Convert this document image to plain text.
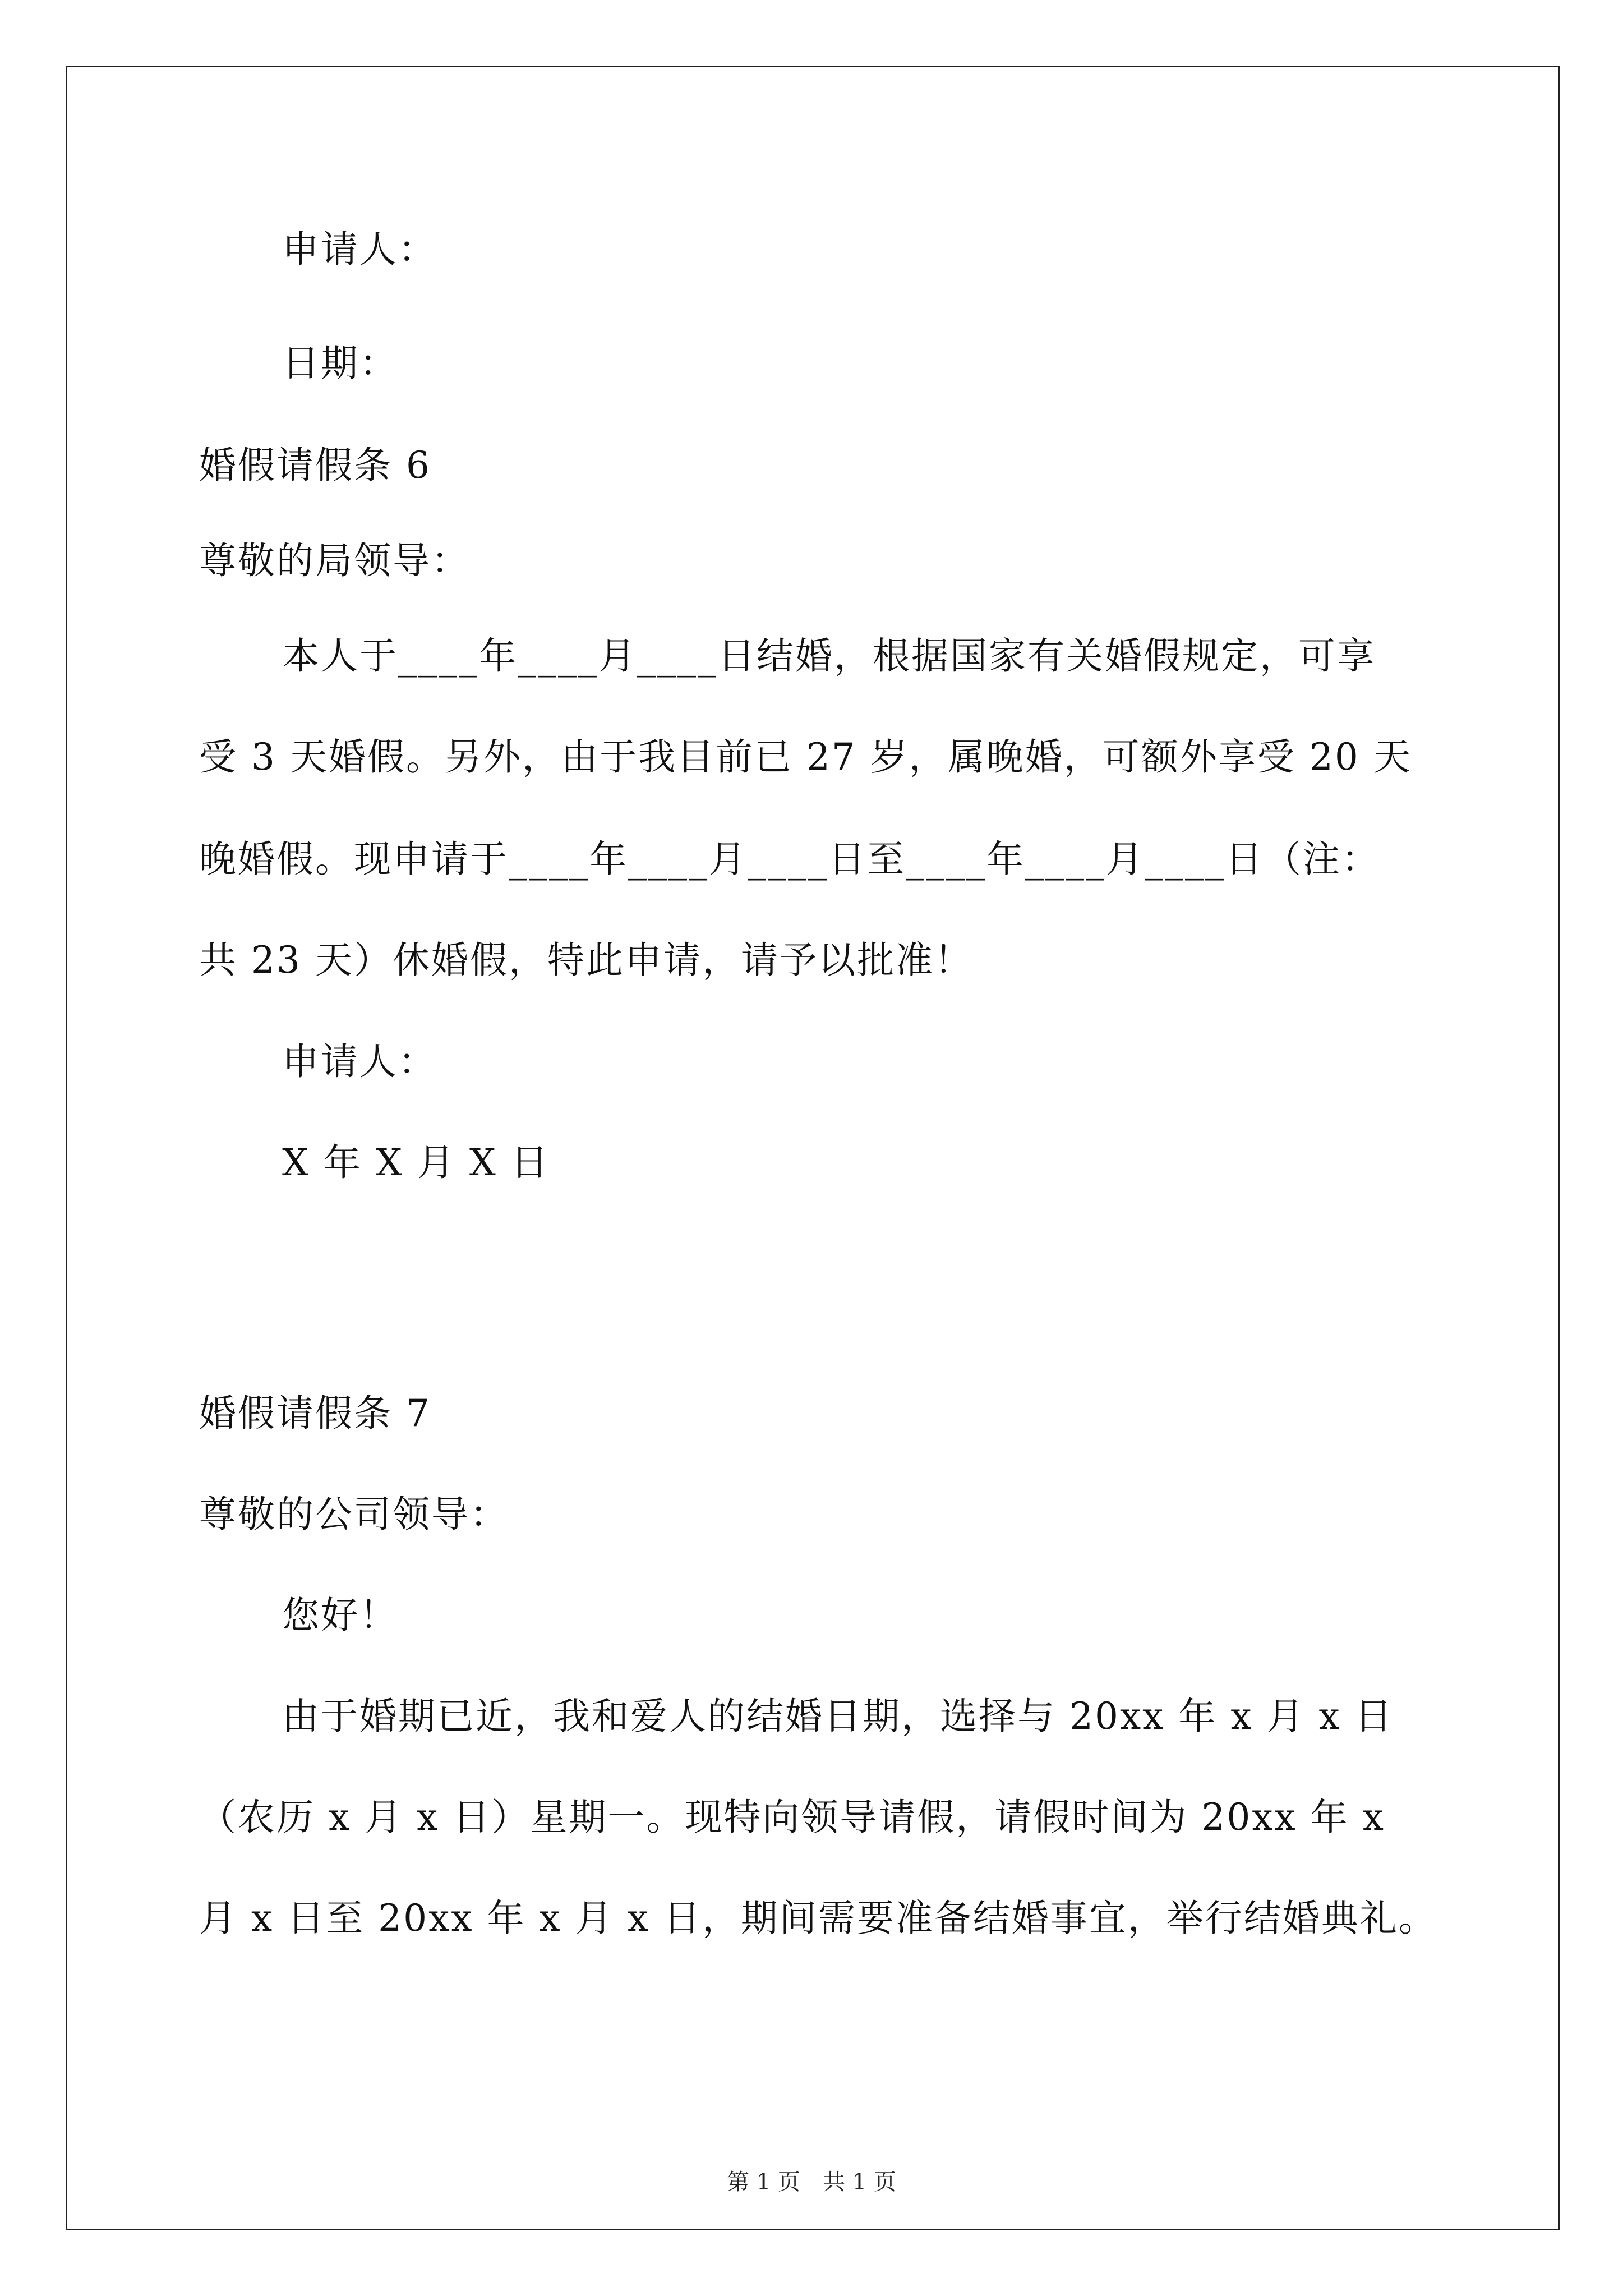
申请人：
日期：
婚假请假条 6
尊敬的局领导：
本人于____年____月____日结婚，根据国家有关婚假规定，可享
受 3 天婚假。另外，由于我目前已 27 岁，属晚婚，可额外享受 20 天
晚婚假。现申请于____年____月____日至____年____月____日（注：
共 23 天）休婚假，特此申请，请予以批准！
申请人：
X 年 X 月 X 日
婚假请假条 7
尊敬的公司领导：
您好！
由于婚期已近，我和爱人的结婚日期，选择与 20xx 年 x 月 x 日
（农历 x 月 x 日）星期一。现特向领导请假，请假时间为 20xx 年 x
月 x 日至 20xx 年 x 月 x 日，期间需要准备结婚事宜，举行结婚典礼。
第 1 页　共 1 页
